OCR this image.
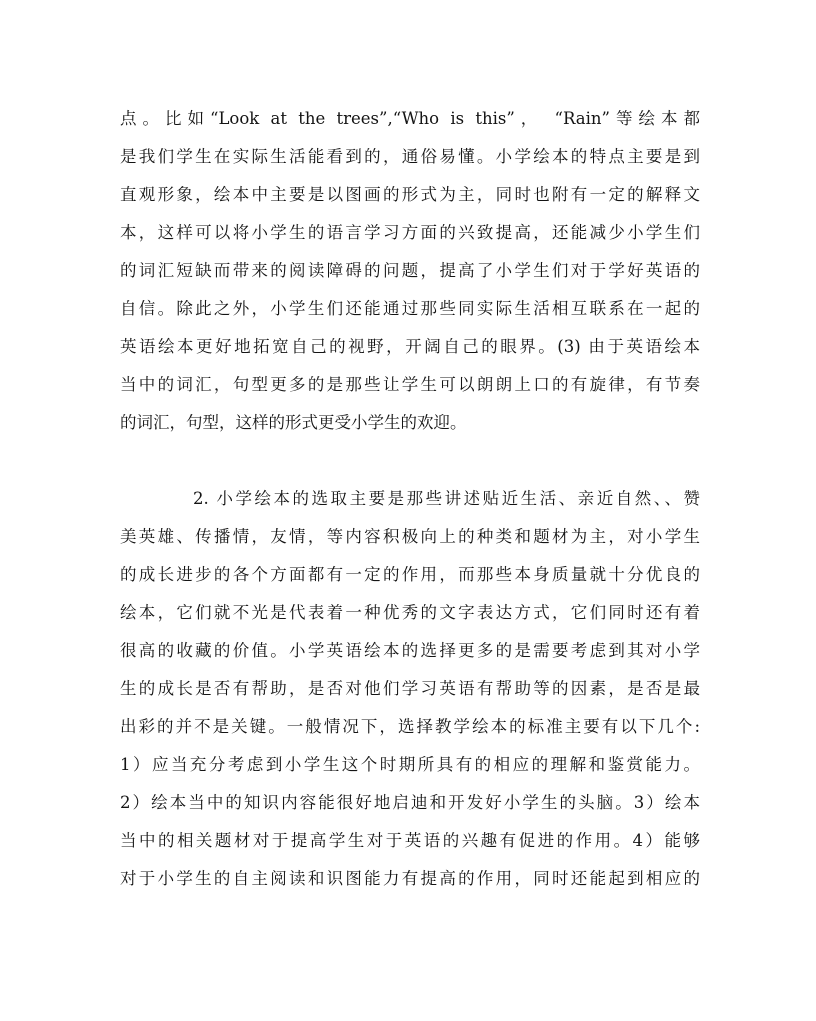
点。比如“Look at the trees”,“Who is this”， “Rain”等绘本都
是我们学生在实际生活能看到的，通俗易懂。小学绘本的特点主要是到
直观形象，绘本中主要是以图画的形式为主，同时也附有一定的解释文
本，这样可以将小学生的语言学习方面的兴致提高，还能减少小学生们
的词汇短缺而带来的阅读障碍的问题，提高了小学生们对于学好英语的
自信。除此之外，小学生们还能通过那些同实际生活相互联系在一起的
英语绘本更好地拓宽自己的视野，开阔自己的眼界。(3) 由于英语绘本
当中的词汇，句型更多的是那些让学生可以朗朗上口的有旋律，有节奏
的词汇，句型，这样的形式更受小学生的欢迎。
2. 小学绘本的选取主要是那些讲述贴近生活、亲近自然、、赞
美英雄、传播情，友情，等内容积极向上的种类和题材为主，对小学生
的成长进步的各个方面都有一定的作用，而那些本身质量就十分优良的
绘本，它们就不光是代表着一种优秀的文字表达方式，它们同时还有着
很高的收藏的价值。小学英语绘本的选择更多的是需要考虑到其对小学
生的成长是否有帮助，是否对他们学习英语有帮助等的因素，是否是最
出彩的并不是关键。一般情况下，选择教学绘本的标准主要有以下几个:
1）应当充分考虑到小学生这个时期所具有的相应的理解和鉴赏能力。
2）绘本当中的知识内容能很好地启迪和开发好小学生的头脑。3）绘本
当中的相关题材对于提高学生对于英语的兴趣有促进的作用。4）能够
对于小学生的自主阅读和识图能力有提高的作用，同时还能起到相应的
